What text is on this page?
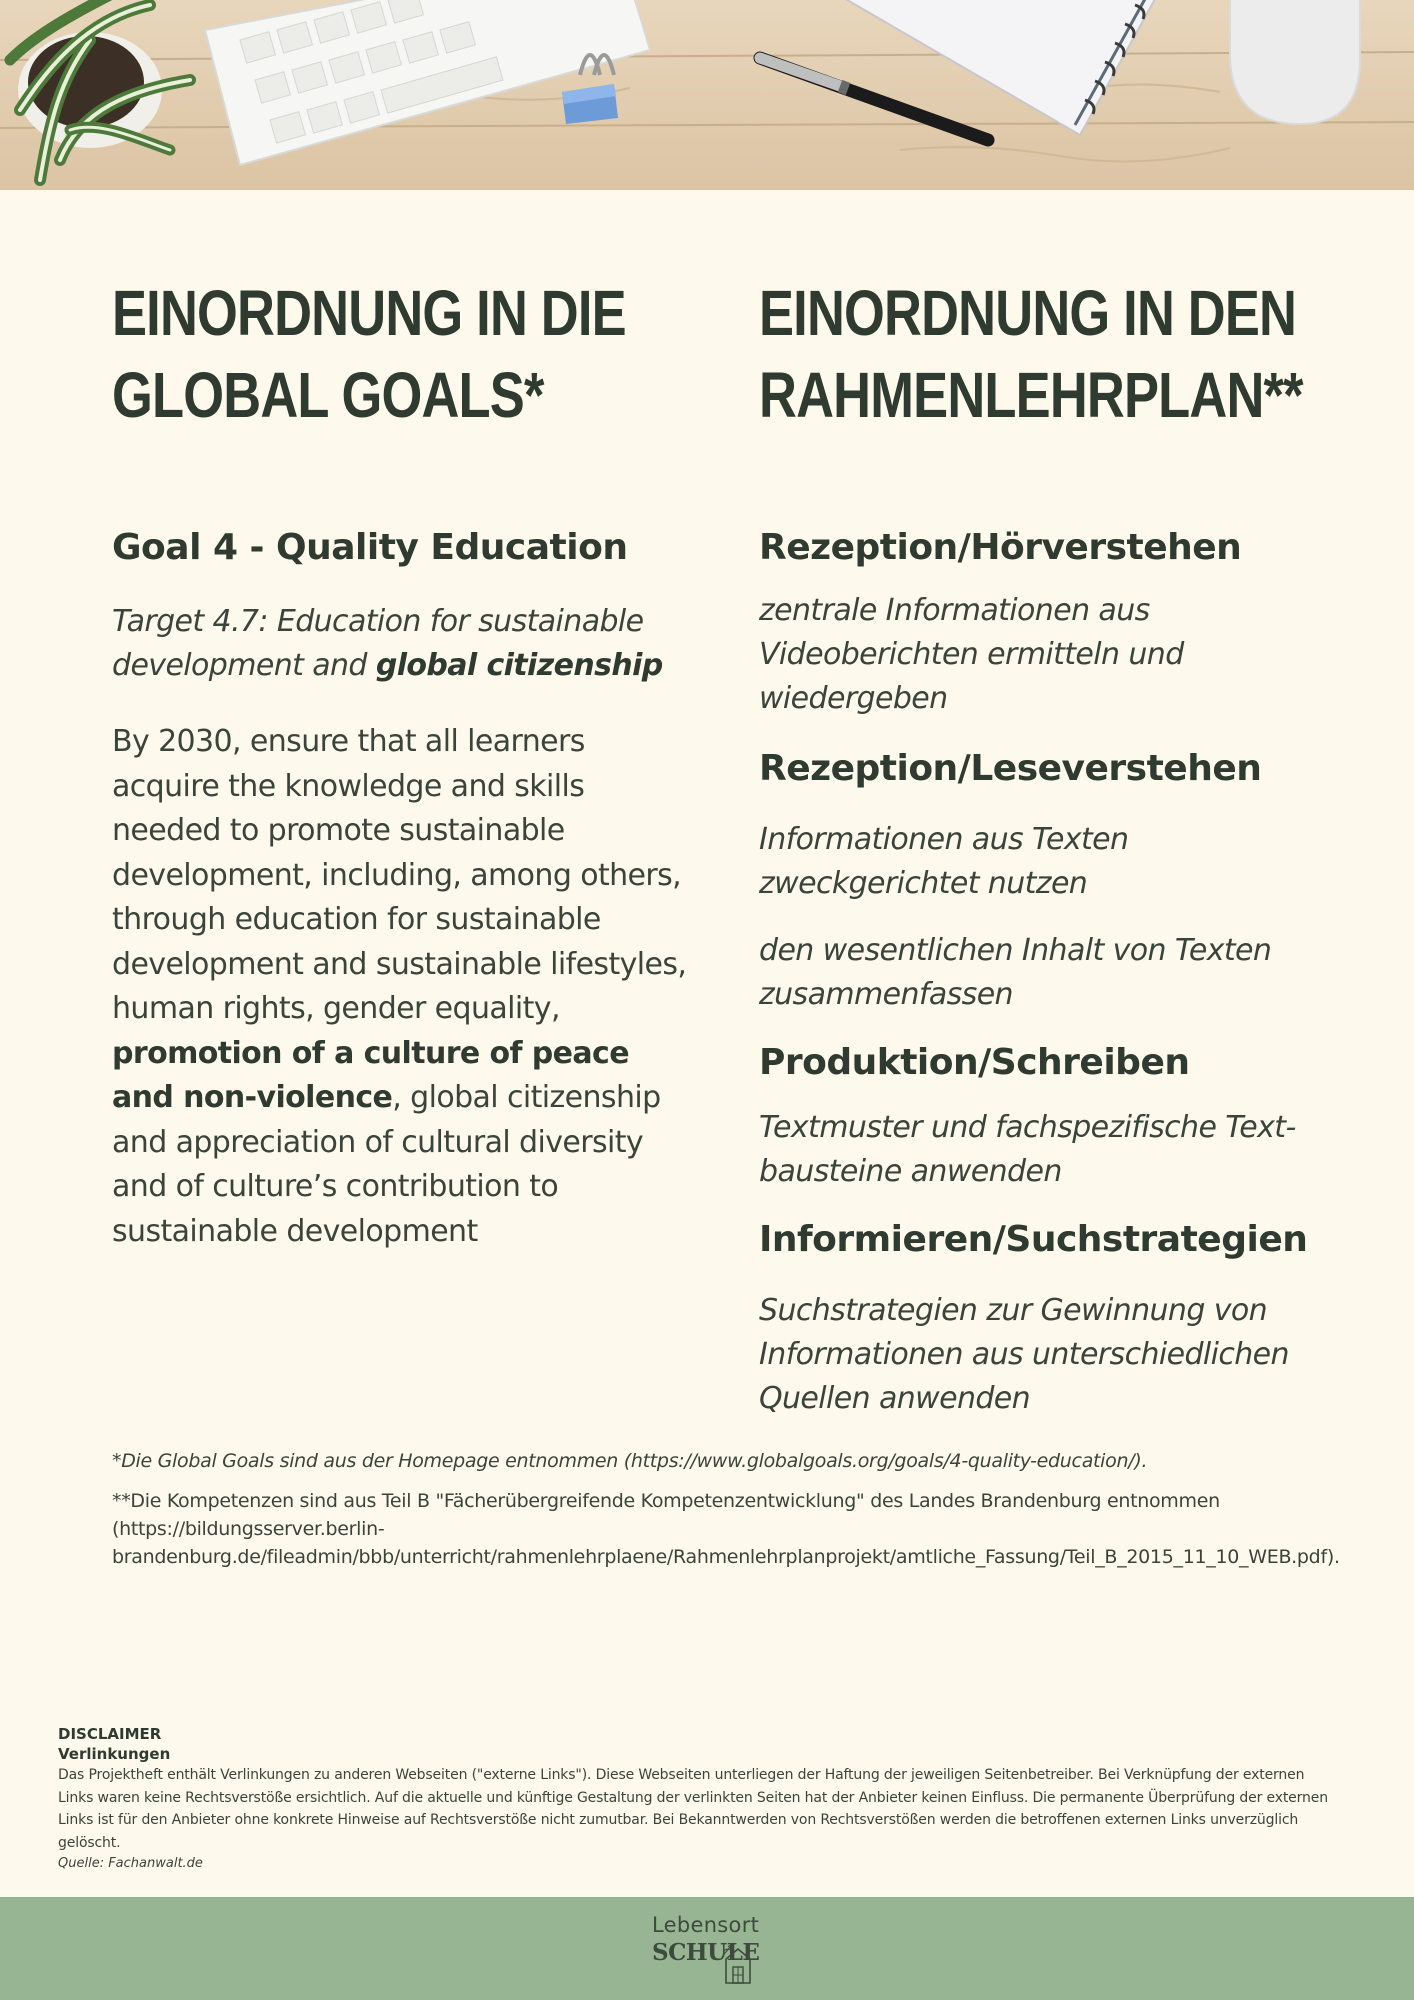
EINORDNUNG IN DIE
GLOBAL GOALS*
Goal 4 - Quality Education
Target 4.7: Education for sustainable development and global citizenship
By 2030, ensure that all learners acquire the knowledge and skills needed to promote sustainable development, including, among others, through education for sustainable development and sustainable lifestyles, human rights, gender equality, promotion of a culture of peace and non-violence, global citizenship and appreciation of cultural diversity and of culture’s contribution to sustainable development
EINORDNUNG IN DEN
RAHMENLEHRPLAN**
Rezeption/Hörverstehen
zentrale Informationen aus Videoberichten ermitteln und wiedergeben
Rezeption/Leseverstehen
Informationen aus Texten zweckgerichtet nutzen
den wesentlichen Inhalt von Texten zusammenfassen
Produktion/Schreiben
Textmuster und fachspezifische Text-bausteine anwenden
Informieren/Suchstrategien
Suchstrategien zur Gewinnung von Informationen aus unterschiedlichen Quellen anwenden
*Die Global Goals sind aus der Homepage entnommen (https://www.globalgoals.org/goals/4-quality-education/).
**Die Kompetenzen sind aus Teil B "Fächerübergreifende Kompetenzentwicklung" des Landes Brandenburg entnommen (https://bildungsserver.berlin-brandenburg.de/fileadmin/bbb/unterricht/rahmenlehrplaene/Rahmenlehrplanprojekt/amtliche_Fassung/Teil_B_2015_11_10_WEB.pdf).
DISCLAIMER
Verlinkungen
Das Projektheft enthält Verlinkungen zu anderen Webseiten ("externe Links"). Diese Webseiten unterliegen der Haftung der jeweiligen Seitenbetreiber. Bei Verknüpfung der externen Links waren keine Rechtsverstöße ersichtlich. Auf die aktuelle und künftige Gestaltung der verlinkten Seiten hat der Anbieter keinen Einfluss. Die permanente Überprüfung der externen Links ist für den Anbieter ohne konkrete Hinweise auf Rechtsverstöße nicht zumutbar. Bei Bekanntwerden von Rechtsverstößen werden die betroffenen externen Links unverzüglich gelöscht.
Quelle: Fachanwalt.de
Lebensort
SCHULE
